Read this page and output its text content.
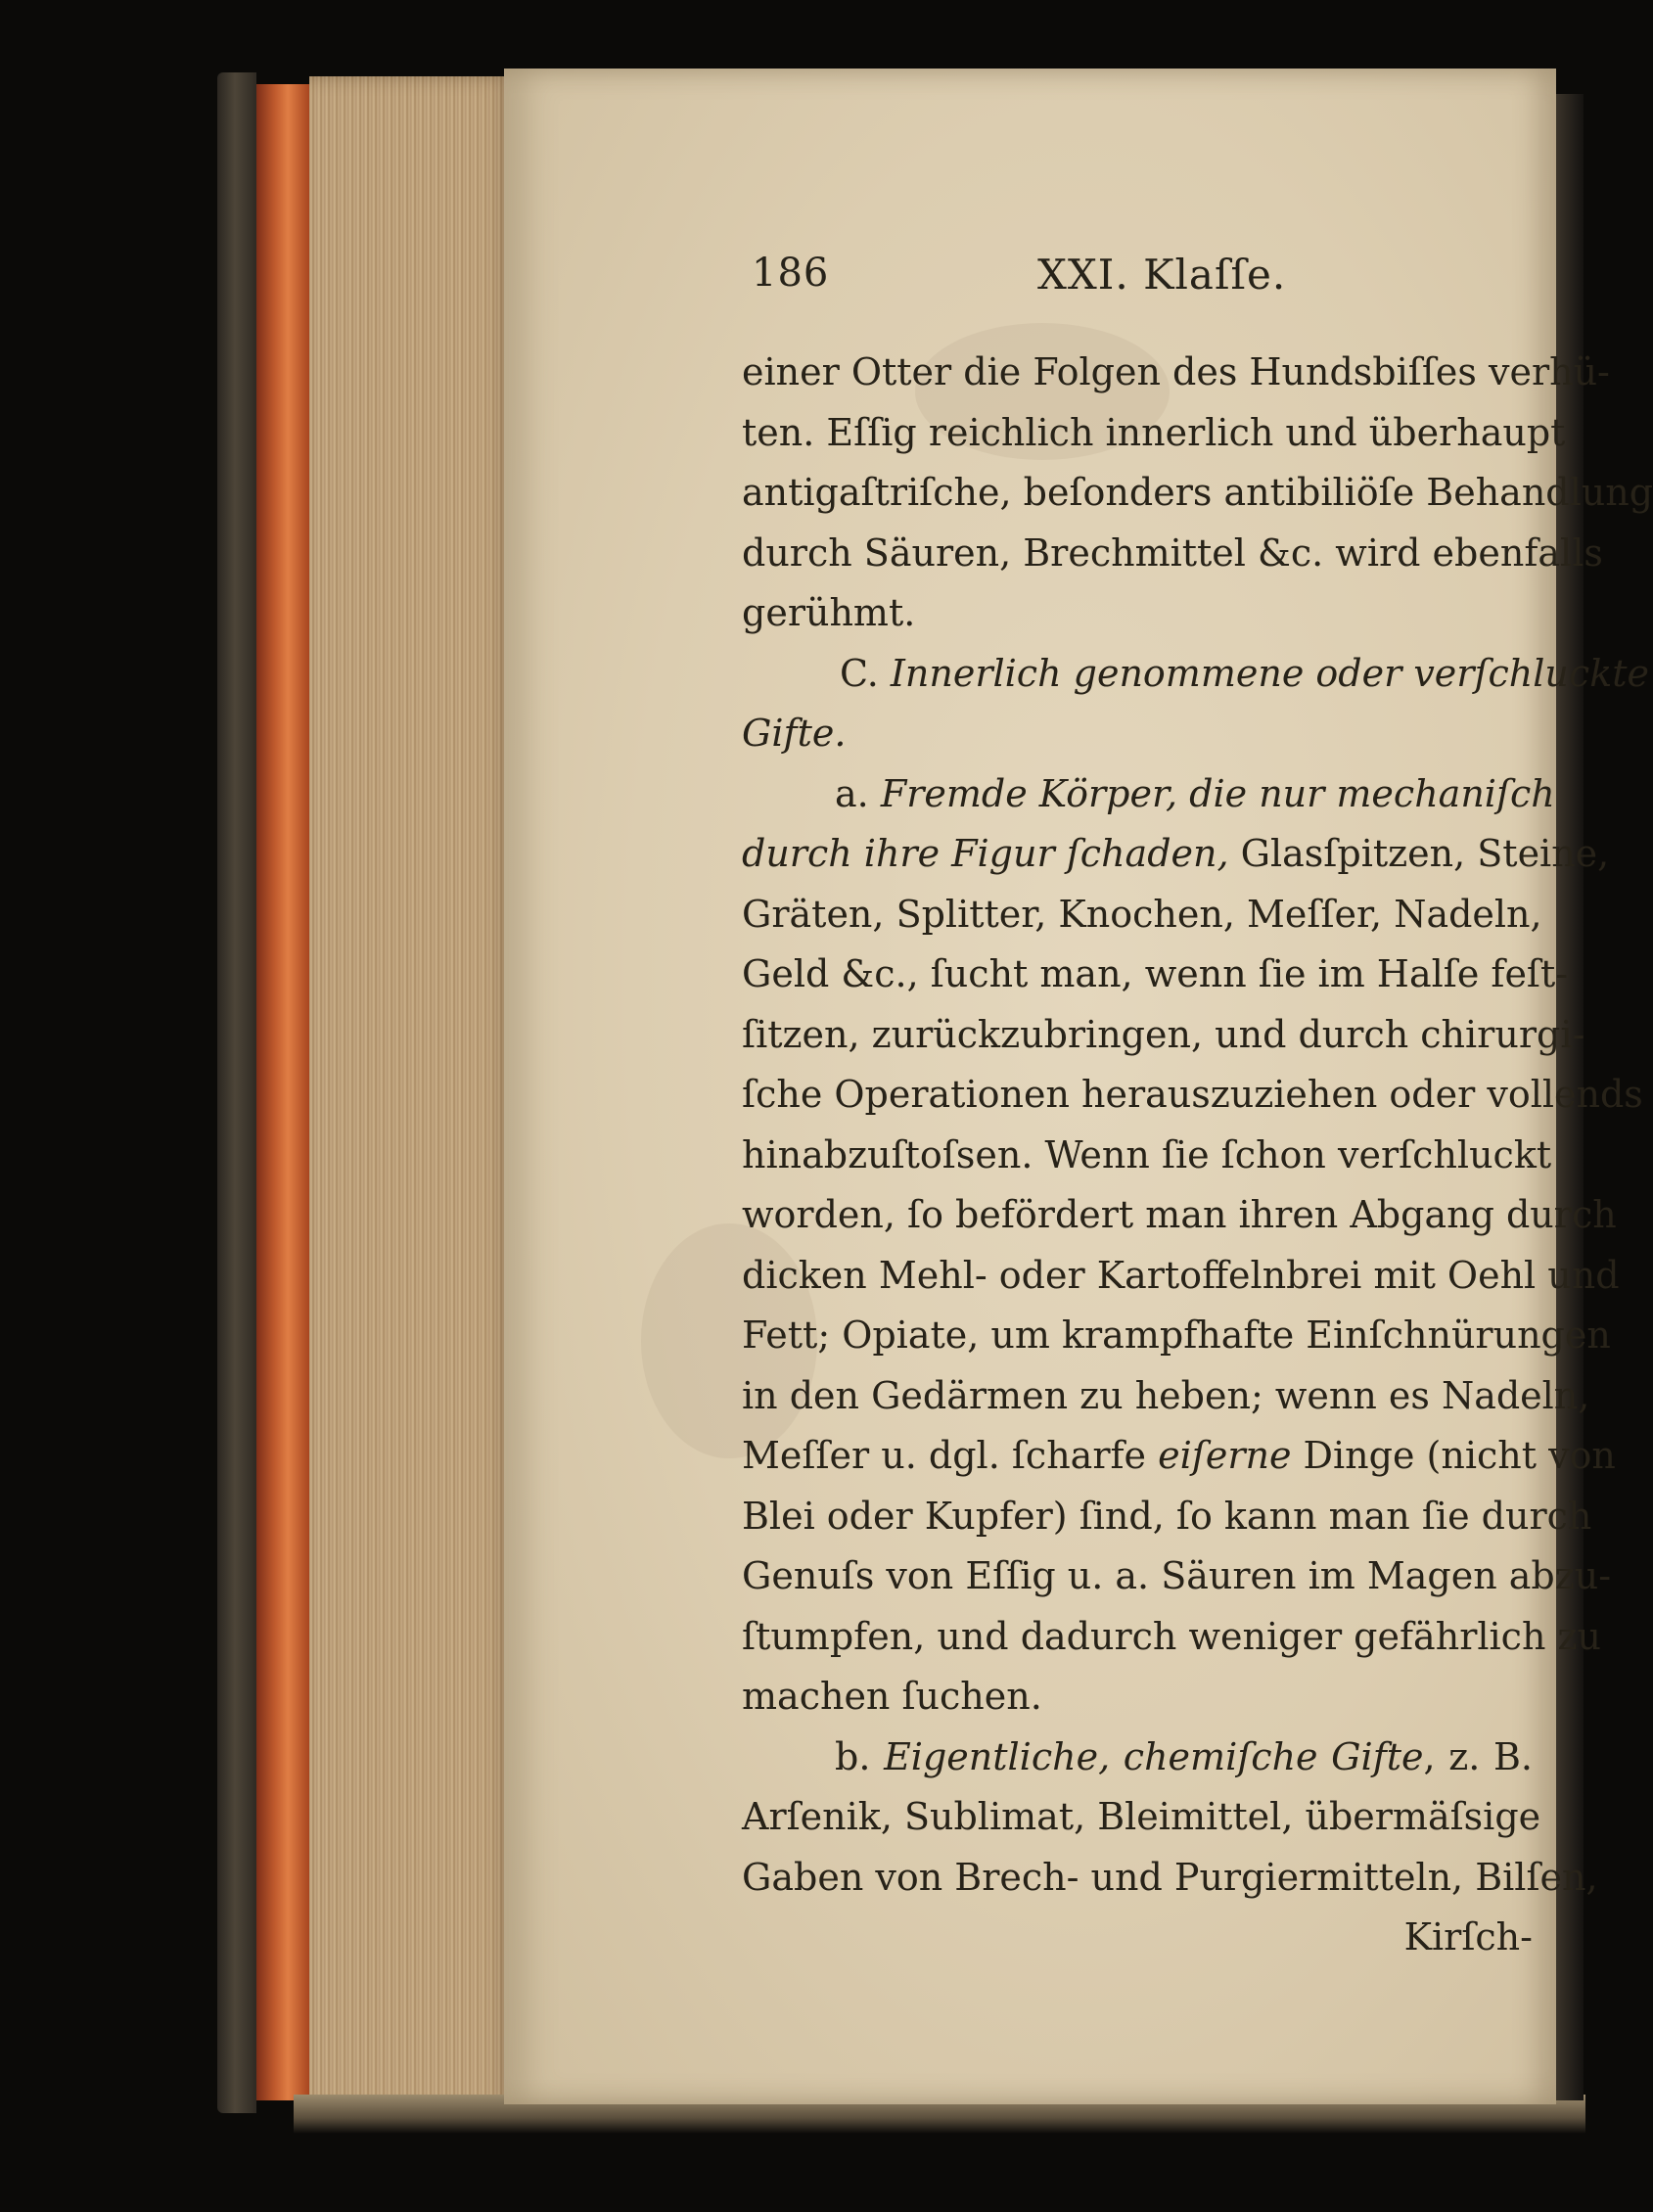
186	XXI. Klaſſe.
einer Otter die Folgen des Hundsbiſſes verhü-
ten. Eſſig reichlich innerlich und überhaupt
antigaſtriſche, beſonders antibiliöſe Behandlung
durch Säuren, Brechmittel &c. wird ebenfalls
gerühmt.
C. Innerlich genommene oder verſchluckte
Gifte.
a. Fremde Körper, die nur mechaniſch
durch ihre Figur ſchaden, Glasſpitzen, Steine,
Gräten, Splitter, Knochen, Meſſer, Nadeln,
Geld &c., ſucht man, wenn ſie im Halſe feſt-
ſitzen, zurückzubringen, und durch chirurgi-
ſche Operationen herauszuziehen oder vollends
hinabzuſtoſsen. Wenn ſie ſchon verſchluckt
worden, ſo befördert man ihren Abgang durch
dicken Mehl- oder Kartoffelnbrei mit Oehl und
Fett; Opiate, um krampfhafte Einſchnürungen
in den Gedärmen zu heben; wenn es Nadeln,
Meſſer u. dgl. ſcharfe eiſerne Dinge (nicht von
Blei oder Kupfer) ſind, ſo kann man ſie durch
Genuſs von Eſſig u. a. Säuren im Magen abzu-
ſtumpfen, und dadurch weniger gefährlich zu
machen ſuchen.
b. Eigentliche, chemiſche Gifte, z. B.
Arſenik, Sublimat, Bleimittel, übermäſsige
Gaben von Brech- und Purgiermitteln, Bilſen,
Kirſch-
